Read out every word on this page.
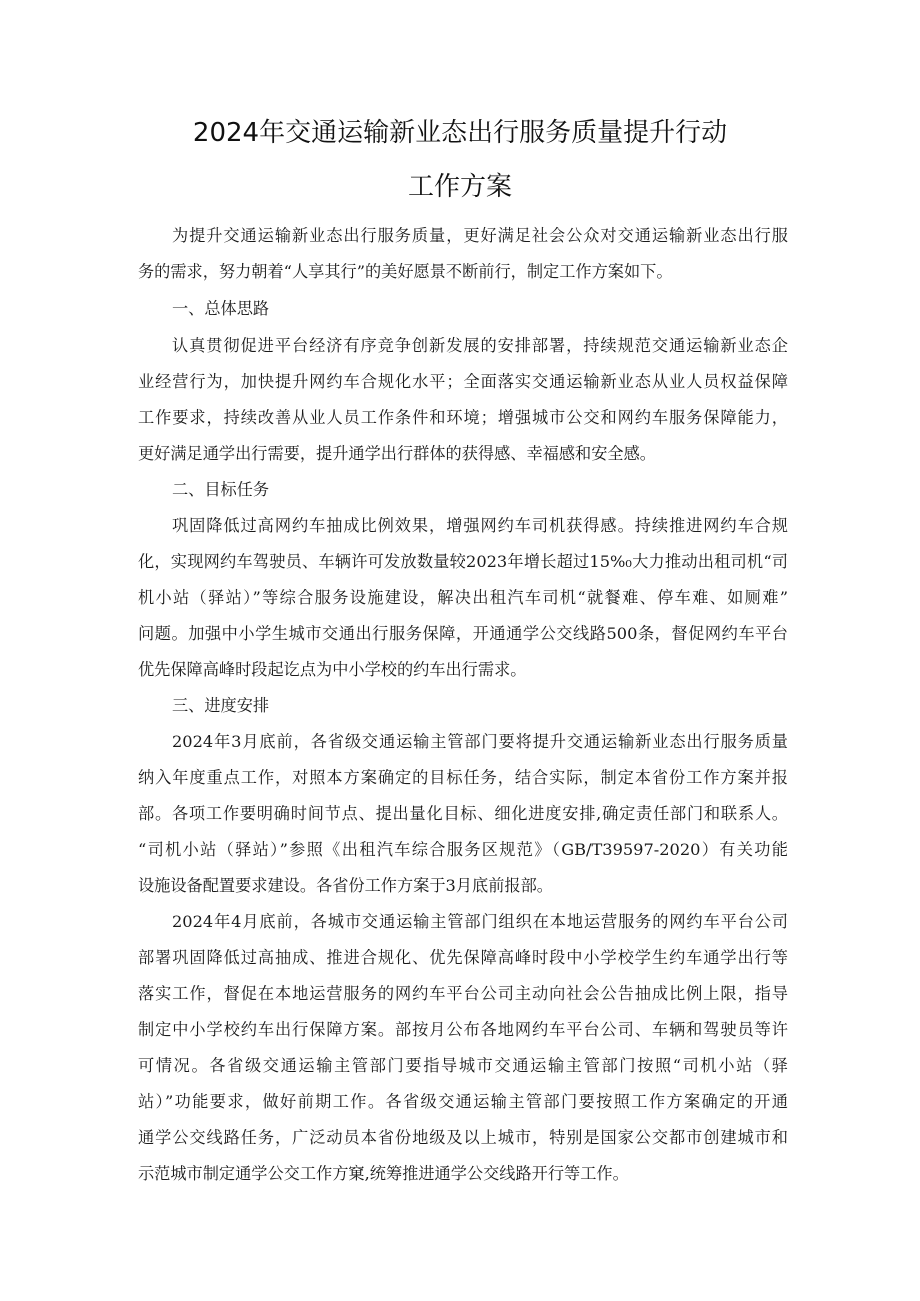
2024年交通运输新业态出行服务质量提升行动
工作方案
为提升交通运输新业态出行服务质量，更好满足社会公众对交通运输新业态出行服
务的需求，努力朝着“人享其行”的美好愿景不断前行，制定工作方案如下。
一、总体思路
认真贯彻促进平台经济有序竞争创新发展的安排部署，持续规范交通运输新业态企
业经营行为，加快提升网约车合规化水平；全面落实交通运输新业态从业人员权益保障
工作要求，持续改善从业人员工作条件和环境；增强城市公交和网约车服务保障能力，
更好满足通学出行需要，提升通学出行群体的获得感、幸福感和安全感。
二、目标任务
巩固降低过高网约车抽成比例效果，增强网约车司机获得感。持续推进网约车合规
化，实现网约车驾驶员、车辆许可发放数量较2023年增长超过15%₀大力推动出租司机“司
机小站（驿站）”等综合服务设施建设，解决出租汽车司机“就餐难、停车难、如厕难”
问题。加强中小学生城市交通出行服务保障，开通通学公交线路500条，督促网约车平台
优先保障高峰时段起讫点为中小学校的约车出行需求。
三、进度安排
2024年3月底前，各省级交通运输主管部门要将提升交通运输新业态出行服务质量
纳入年度重点工作，对照本方案确定的目标任务，结合实际，制定本省份工作方案并报
部。各项工作要明确时间节点、提出量化目标、细化进度安排,确定责任部门和联系人。
“司机小站（驿站）”参照《出租汽车综合服务区规范》（GB/T39597-2020）有关功能
设施设备配置要求建设。各省份工作方案于3月底前报部。
2024年4月底前，各城市交通运输主管部门组织在本地运营服务的网约车平台公司
部署巩固降低过高抽成、推进合规化、优先保障高峰时段中小学校学生约车通学出行等
落实工作，督促在本地运营服务的网约车平台公司主动向社会公告抽成比例上限，指导
制定中小学校约车出行保障方案。部按月公布各地网约车平台公司、车辆和驾驶员等许
可情况。各省级交通运输主管部门要指导城市交通运输主管部门按照“司机小站（驿
站）”功能要求，做好前期工作。各省级交通运输主管部门要按照工作方案确定的开通
通学公交线路任务，广泛动员本省份地级及以上城市，特别是国家公交都市创建城市和
示范城市制定通学公交工作方窠,统筹推进通学公交线路开行等工作。
